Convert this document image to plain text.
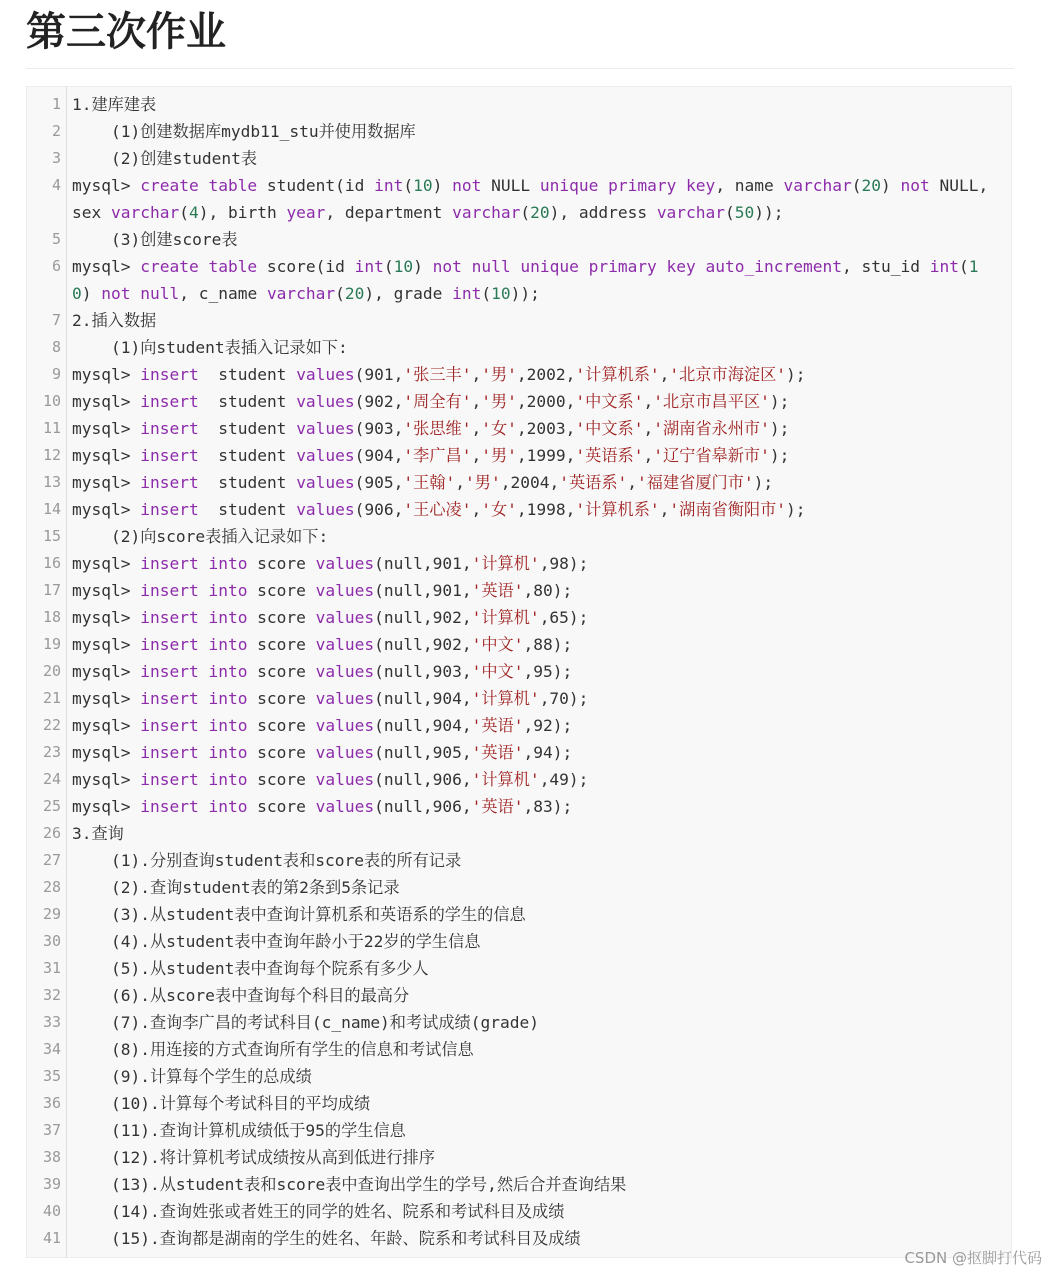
第三次作业
1
2
3
4
5
6
7
8
9
10
11
12
13
14
15
16
17
18
19
20
21
22
23
24
25
26
27
28
29
30
31
32
33
34
35
36
37
38
39
40
41
1.建库建表
(1)创建数据库mydb11_stu并使用数据库
(2)创建student表
mysql> create table student(id int(10) not NULL unique primary key, name varchar(20) not NULL, sex varchar(4), birth year, department varchar(20), address varchar(50));
(3)创建score表
mysql> create table score(id int(10) not null unique primary key auto_increment, stu_id int(10) not null, c_name varchar(20), grade int(10));
2.插入数据
(1)向student表插入记录如下:
mysql> insert  student values(901,'张三丰','男',2002,'计算机系','北京市海淀区');
mysql> insert  student values(902,'周全有','男',2000,'中文系','北京市昌平区');
mysql> insert  student values(903,'张思维','女',2003,'中文系','湖南省永州市');
mysql> insert  student values(904,'李广昌','男',1999,'英语系','辽宁省皋新市');
mysql> insert  student values(905,'王翰','男',2004,'英语系','福建省厦门市');
mysql> insert  student values(906,'王心凌','女',1998,'计算机系','湖南省衡阳市');
(2)向score表插入记录如下:
mysql> insert into score values(null,901,'计算机',98);
mysql> insert into score values(null,901,'英语',80);
mysql> insert into score values(null,902,'计算机',65);
mysql> insert into score values(null,902,'中文',88);
mysql> insert into score values(null,903,'中文',95);
mysql> insert into score values(null,904,'计算机',70);
mysql> insert into score values(null,904,'英语',92);
mysql> insert into score values(null,905,'英语',94);
mysql> insert into score values(null,906,'计算机',49);
mysql> insert into score values(null,906,'英语',83);
3.查询
(1).分别查询student表和score表的所有记录
(2).查询student表的第2条到5条记录
(3).从student表中查询计算机系和英语系的学生的信息
(4).从student表中查询年龄小于22岁的学生信息
(5).从student表中查询每个院系有多少人
(6).从score表中查询每个科目的最高分
(7).查询李广昌的考试科目(c_name)和考试成绩(grade)
(8).用连接的方式查询所有学生的信息和考试信息
(9).计算每个学生的总成绩
(10).计算每个考试科目的平均成绩
(11).查询计算机成绩低于95的学生信息
(12).将计算机考试成绩按从高到低进行排序
(13).从student表和score表中查询出学生的学号,然后合并查询结果
(14).查询姓张或者姓王的同学的姓名、院系和考试科目及成绩
(15).查询都是湖南的学生的姓名、年龄、院系和考试科目及成绩
CSDN @抠脚打代码
